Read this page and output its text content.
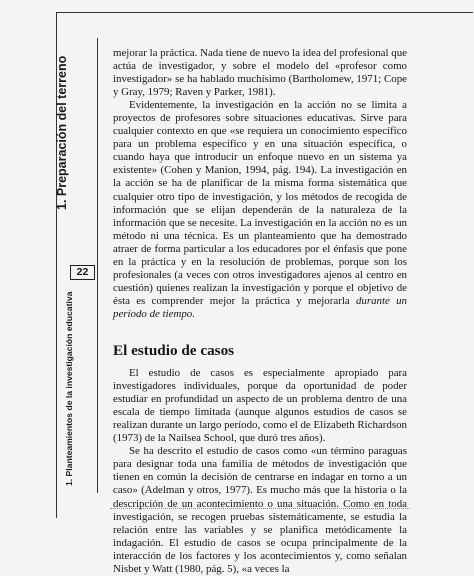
1. Preparación del terreno
22
1. Planteamientos de la investigación educativa

mejorar la práctica. Nada tiene de nuevo la idea del profesional que actúa de investigador, y sobre el modelo del «profesor como investigador» se ha hablado muchísimo (Bartholomew, 1971; Cope y Gray, 1979; Raven y Parker, 1981).

Evidentemente, la investigación en la acción no se limita a proyectos de profesores sobre situaciones educativas. Sirve para cualquier contexto en que «se requiera un conocimiento específico para un problema específico y en una situación específica, o cuando haya que introducir un enfoque nuevo en un sistema ya existente» (Cohen y Manion, 1994, pág. 194). La investigación en la acción se ha de planificar de la misma forma sistemática que cualquier otro tipo de investigación, y los métodos de recogida de información que se elijan dependerán de la naturaleza de la información que se necesite. La investigación en la acción no es un método ni una técnica. Es un planteamiento que ha demostrado atraer de forma particular a los educadores por el énfasis que pone en la práctica y en la resolución de problemas, porque son los profesionales (a veces con otros investigadores ajenos al centro en cuestión) quienes realizan la investigación y porque el objetivo de ésta es comprender mejor la práctica y mejorarla durante un período de tiempo.

El estudio de casos

El estudio de casos es especialmente apropiado para investigadores individuales, porque da oportunidad de poder estudiar en profundidad un aspecto de un problema dentro de una escala de tiempo limitada (aunque algunos estudios de casos se realizan durante un largo período, como el de Elizabeth Richardson (1973) de la Nailsea School, que duró tres años).

Se ha descrito el estudio de casos como «un término paraguas para designar toda una familia de métodos de investigación que tienen en común la decisión de centrarse en indagar en torno a un caso» (Adelman y otros, 1977). Es mucho más que la historia o la descripción de un acontecimiento o una situación. Como en toda investigación, se recogen pruebas sistemáticamente, se estudia la relación entre las variables y se planifica metódicamente la indagación. El estudio de casos se ocupa principalmente de la interacción de los factores y los acontecimientos y, como señalan Nisbet y Watt (1980, pág. 5), «a veces la
